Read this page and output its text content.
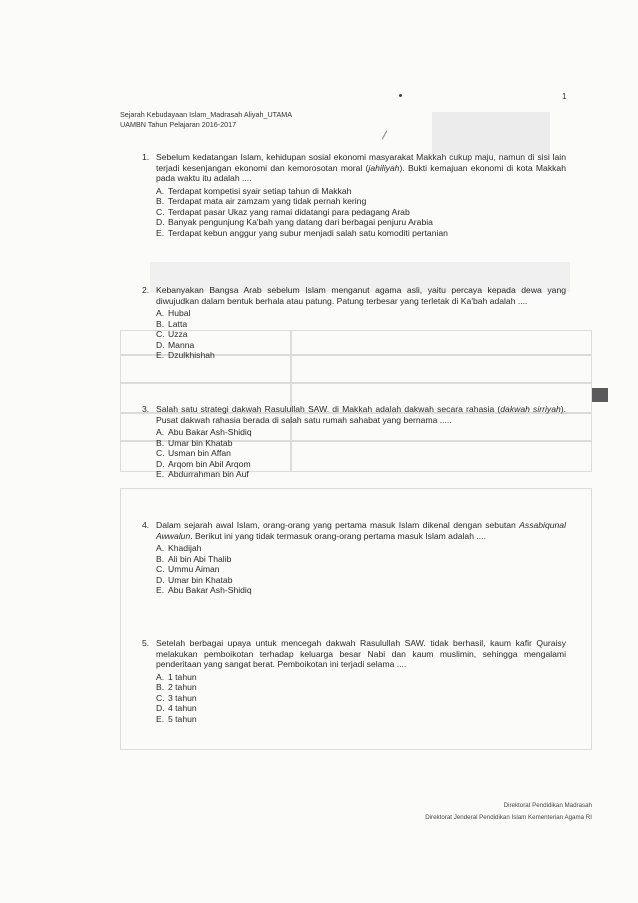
1
Sejarah Kebudayaan Islam_Madrasah Aliyah_UTAMA
UAMBN Tahun Pelajaran 2016-2017
1. Sebelum kedatangan Islam, kehidupan sosial ekonomi masyarakat Makkah cukup maju, namun di sisi lain terjadi kesenjangan ekonomi dan kemorosotan moral (jahiliyah). Bukti kemajuan ekonomi di kota Makkah pada waktu itu adalah ....
A. Terdapat kompetisi syair setiap tahun di Makkah
B. Terdapat mata air zamzam yang tidak pernah kering
C. Terdapat pasar Ukaz yang ramai didatangi para pedagang Arab
D. Banyak pengunjung Ka'bah yang datang dari berbagai penjuru Arabia
E. Terdapat kebun anggur yang subur menjadi salah satu komoditi pertanian
2. Kebanyakan Bangsa Arab sebelum Islam menganut agama asli, yaitu percaya kepada dewa yang diwujudkan dalam bentuk berhala atau patung. Patung terbesar yang terletak di Ka'bah adalah ....
A. Hubal
B. Latta
C. Uzza
D. Manna
E. Dzulkhishah
3. Salah satu strategi dakwah Rasulullah SAW. di Makkah adalah dakwah secara rahasia (dakwah sirriyah). Pusat dakwah rahasia berada di salah satu rumah sahabat yang bernama .....
A. Abu Bakar Ash-Shidiq
B. Umar bin Khatab
C. Usman bin Affan
D. Arqom bin Abil Arqom
E. Abdurrahman bin Auf
4. Dalam sejarah awal Islam, orang-orang yang pertama masuk Islam dikenal dengan sebutan Assabiqunal Awwalun. Berikut ini yang tidak termasuk orang-orang pertama masuk Islam adalah ....
A. Khadijah
B. Ali bin Abi Thalib
C. Ummu Aiman
D. Umar bin Khatab
E. Abu Bakar Ash-Shidiq
5. Setelah berbagai upaya untuk mencegah dakwah Rasulullah SAW. tidak berhasil, kaum kafir Quraisy melakukan pemboikotan terhadap keluarga besar Nabi dan kaum muslimin, sehingga mengalami penderitaan yang sangat berat. Pemboikotan ini terjadi selama ....
A. 1 tahun
B. 2 tahun
C. 3 tahun
D. 4 tahun
E. 5 tahun
Direktorat Pendidikan Madrasah
Direktorat Jenderal Pendidikan Islam Kementerian Agama RI
